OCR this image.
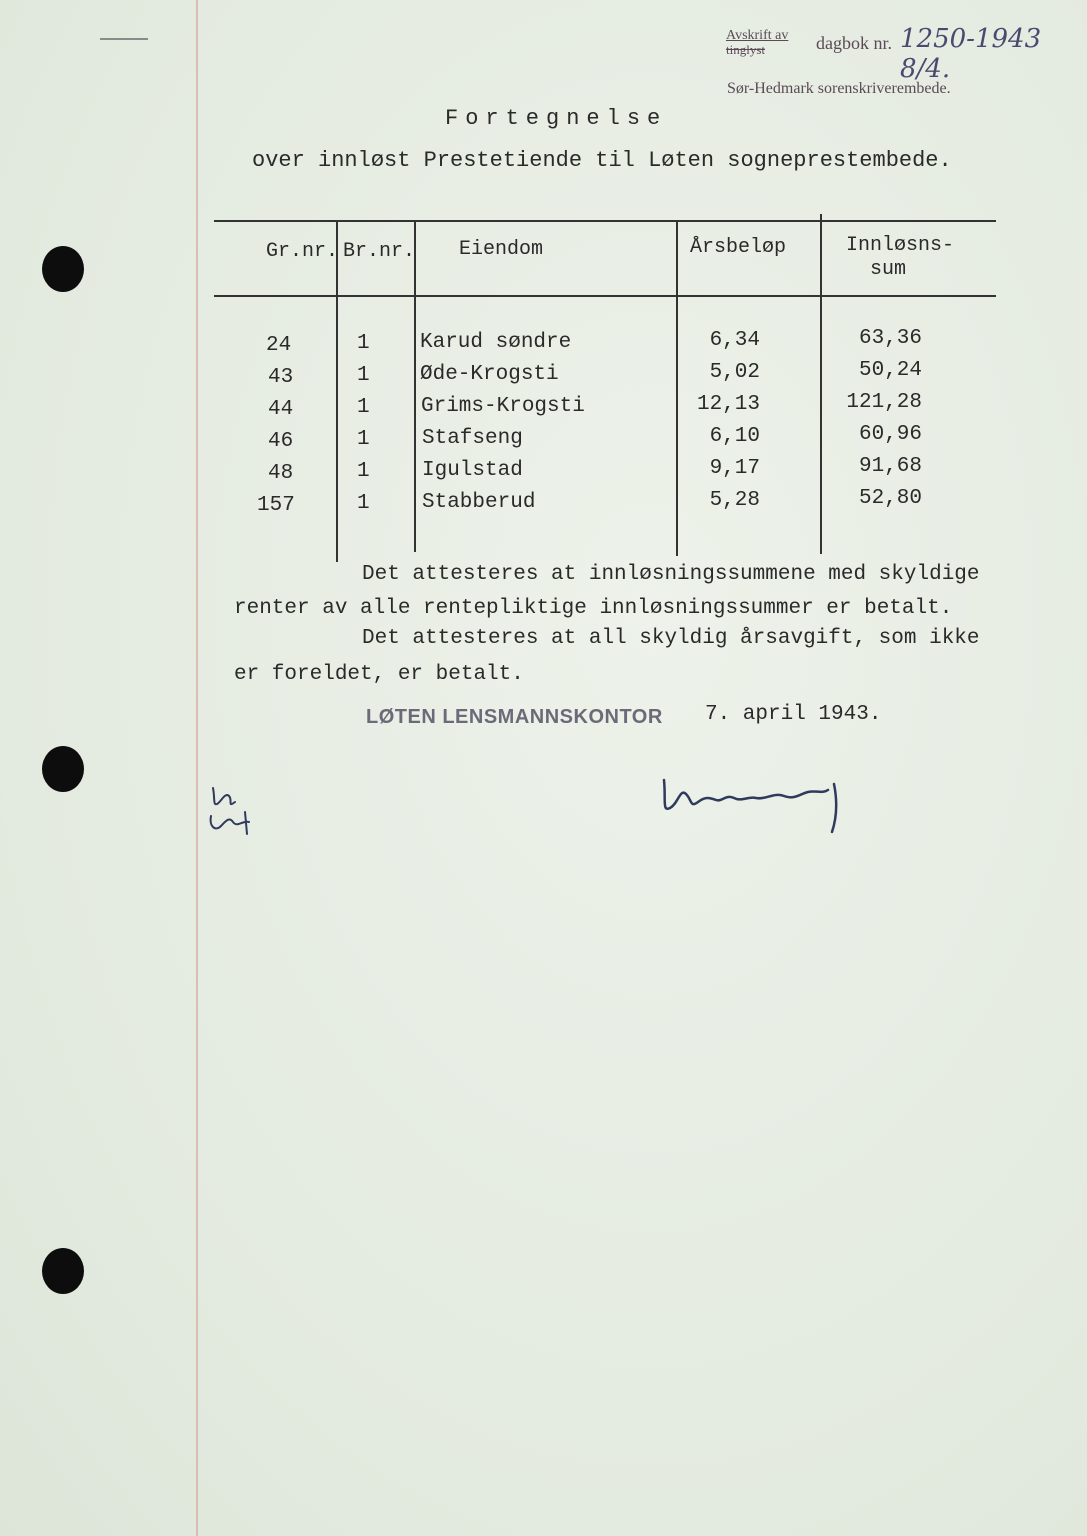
Avskrift av
tinglyst	dagbok nr. 1250-1943 8/4.
Sør-Hedmark sorenskriverembede.
Fortegnelse
over innløst Prestetiende til Løten sogneprestembede.
Gr.nr. Br.nr. Eiendom	Årsbeløp	Innløsns-
sum
24	1 Karud søndre	6,34	63,36
43	1 Øde-Krogsti	5,02	50,24
44	1 Grims-Krogsti	12,13	121,28
46	1 Stafseng	6,10	60,96
48	1 Igulstad	9,17	91,68
157	1 Stabberud	5,28	52,80
Det attesteres at innløsningssummene med skyldige
renter av alle rentepliktige innløsningssummer er betalt.
Det attesteres at all skyldig årsavgift, som ikke
er foreldet, er betalt.
LØTEN LENSMANNSKONTOR 7. april 1943.
